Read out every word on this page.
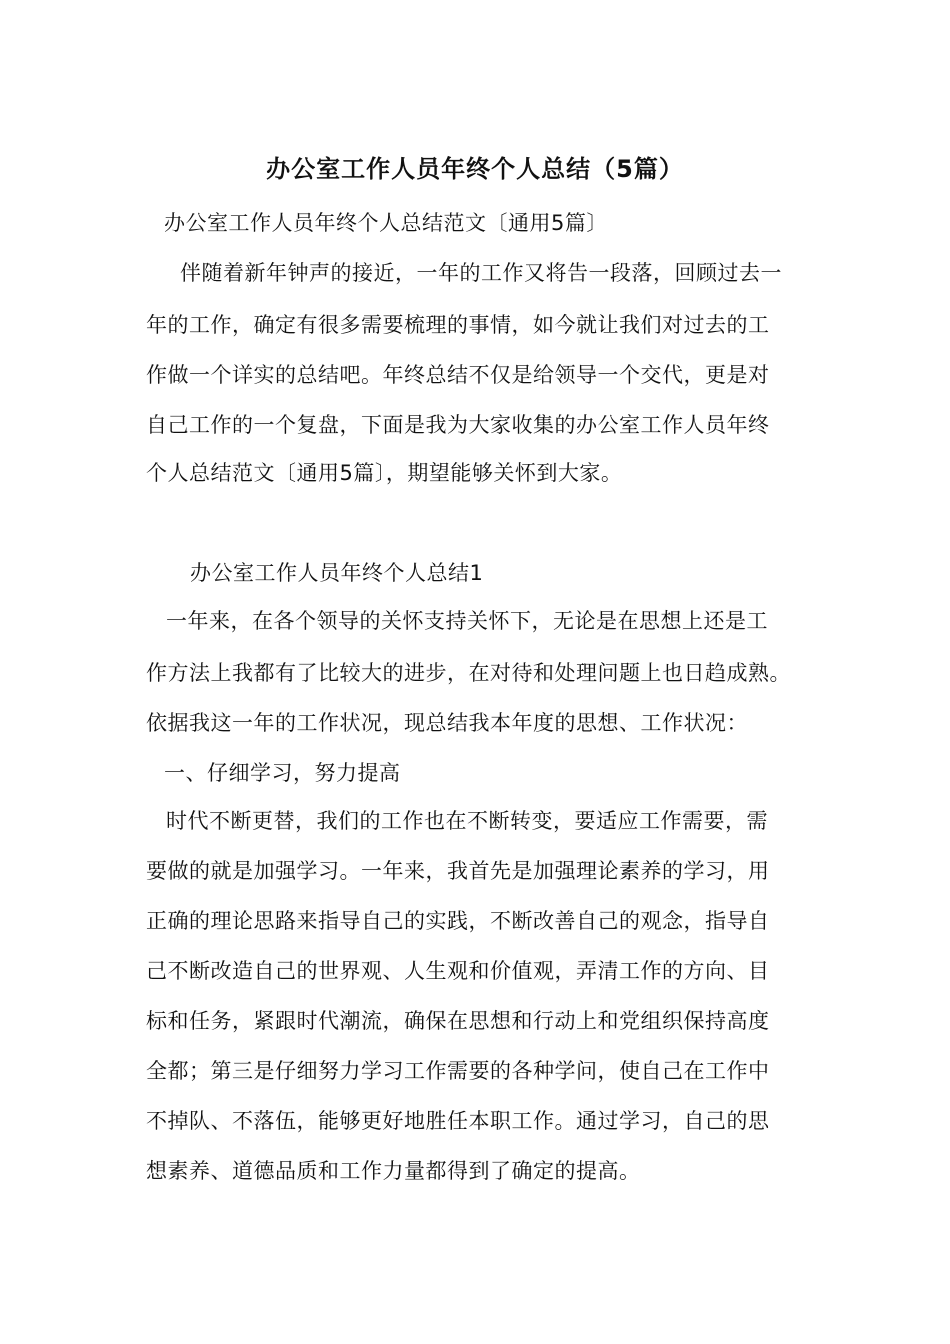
办公室工作人员年终个人总结（5篇）
办公室工作人员年终个人总结范文〔通用5篇〕
伴随着新年钟声的接近，一年的工作又将告一段落，回顾过去一
年的工作，确定有很多需要梳理的事情，如今就让我们对过去的工
作做一个详实的总结吧。年终总结不仅是给领导一个交代，更是对
自己工作的一个复盘，下面是我为大家收集的办公室工作人员年终
个人总结范文〔通用5篇〕，期望能够关怀到大家。
办公室工作人员年终个人总结1
一年来，在各个领导的关怀支持关怀下，无论是在思想上还是工
作方法上我都有了比较大的进步，在对待和处理问题上也日趋成熟。
依据我这一年的工作状况，现总结我本年度的思想、工作状况：
一、仔细学习，努力提高
时代不断更替，我们的工作也在不断转变，要适应工作需要，需
要做的就是加强学习。一年来，我首先是加强理论素养的学习，用
正确的理论思路来指导自己的实践，不断改善自己的观念，指导自
己不断改造自己的世界观、人生观和价值观，弄清工作的方向、目
标和任务，紧跟时代潮流，确保在思想和行动上和党组织保持高度
全都；第三是仔细努力学习工作需要的各种学问，使自己在工作中
不掉队、不落伍，能够更好地胜任本职工作。通过学习，自己的思
想素养、道德品质和工作力量都得到了确定的提高。
